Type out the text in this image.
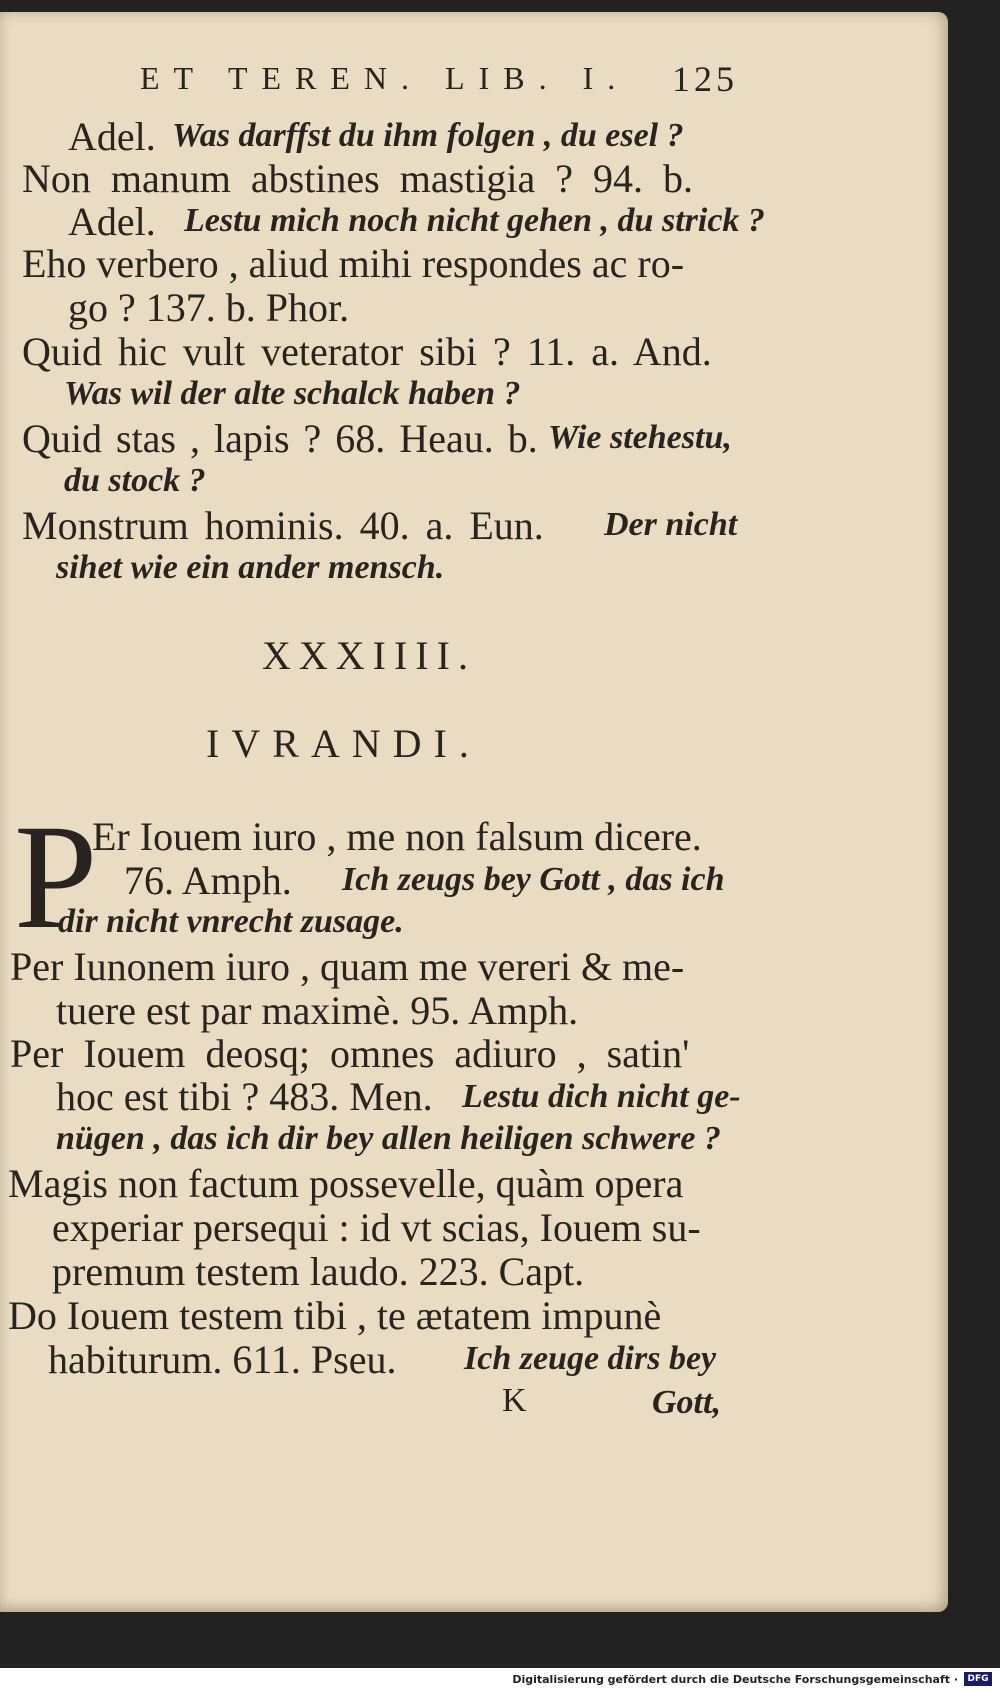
ET TEREN. LIB. I. 125
Adel. Was darffst du ihm folgen , du esel ?
Non manum abstines mastigia ? 94. b.
Adel. Lestu mich noch nicht gehen , du strick ?
Eho verbero , aliud mihi respondes ac ro-
go ? 137. b. Phor.
Quid hic vult veterator sibi ? 11. a. And.
Was wil der alte schalck haben ?
Quid stas , lapis ? 68. Heau. b. Wie stehestu,
du stock ?
Monstrum hominis. 40. a. Eun. Der nicht
sihet wie ein ander mensch.
XXXIIII.
IVRANDI.
P
Er Iouem iuro , me non falsum dicere.
76. Amph. Ich zeugs bey Gott , das ich
dir nicht vnrecht zusage.
Per Iunonem iuro , quam me vereri & me-
tuere est par maximè. 95. Amph.
Per Iouem deosq; omnes adiuro , satin'
hoc est tibi ? 483. Men. Lestu dich nicht ge-
nügen , das ich dir bey allen heiligen schwere ?
Magis non factum possevelle, quàm opera
experiar persequi : id vt scias, Iouem su-
premum testem laudo. 223. Capt.
Do Iouem testem tibi , te ætatem impunè
habiturum. 611. Pseu. Ich zeuge dirs bey
K	Gott,
Digitalisierung gefördert durch die Deutsche Forschungsgemeinschaft ·	DFG
